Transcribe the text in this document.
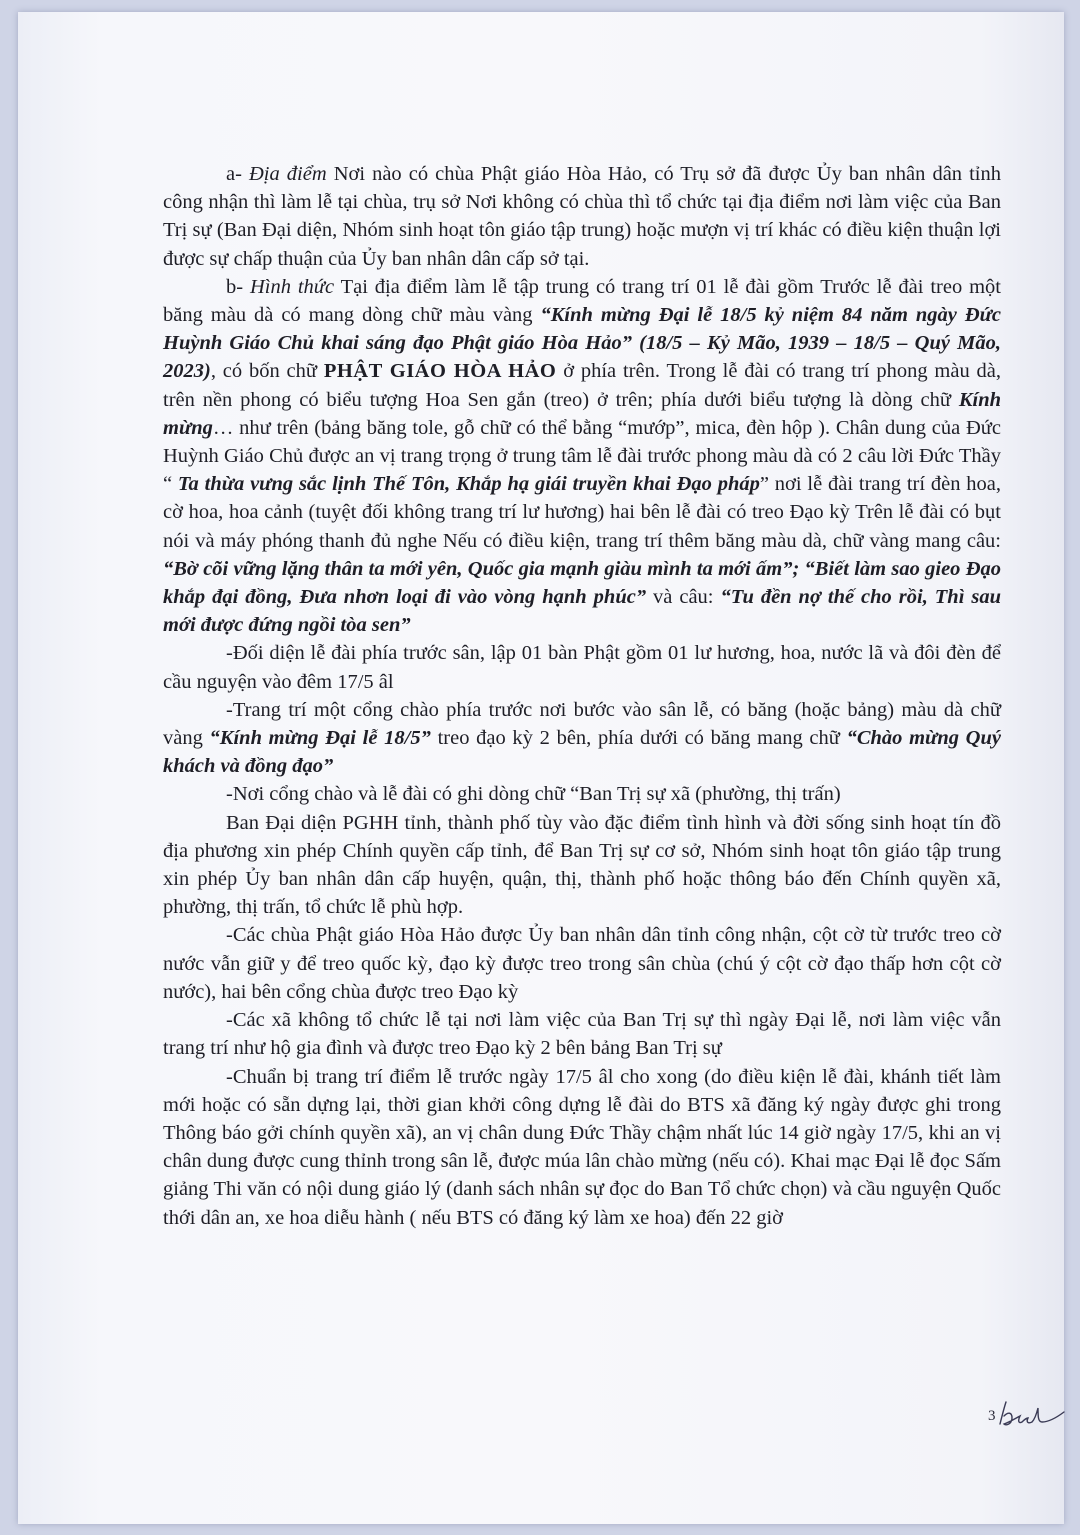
a- Địa điểm Nơi nào có chùa Phật giáo Hòa Hảo, có Trụ sở đã được Ủy ban nhân dân tỉnh công nhận thì làm lễ tại chùa, trụ sở Nơi không có chùa thì tổ chức tại địa điểm nơi làm việc của Ban Trị sự (Ban Đại diện, Nhóm sinh hoạt tôn giáo tập trung) hoặc mượn vị trí khác có điều kiện thuận lợi được sự chấp thuận của Ủy ban nhân dân cấp sở tại.

b- Hình thức Tại địa điểm làm lễ tập trung có trang trí 01 lễ đài gồm Trước lễ đài treo một băng màu dà có mang dòng chữ màu vàng “Kính mừng Đại lễ 18/5 kỷ niệm 84 năm ngày Đức Huỳnh Giáo Chủ khai sáng đạo Phật giáo Hòa Hảo” (18/5 – Kỷ Mão, 1939 – 18/5 – Quý Mão, 2023), có bốn chữ PHẬT GIÁO HÒA HẢO ở phía trên. Trong lễ đài có trang trí phong màu dà, trên nền phong có biểu tượng Hoa Sen gắn (treo) ở trên; phía dưới biểu tượng là dòng chữ Kính mừng… như trên (bảng băng tole, gỗ chữ có thể bằng “mướp”, mica, đèn hộp ). Chân dung của Đức Huỳnh Giáo Chủ được an vị trang trọng ở trung tâm lễ đài trước phong màu dà có 2 câu lời Đức Thầy “ Ta thừa vưng sắc lịnh Thế Tôn, Khắp hạ giái truyền khai Đạo pháp” nơi lễ đài trang trí đèn hoa, cờ hoa, hoa cảnh (tuyệt đối không trang trí lư hương) hai bên lễ đài có treo Đạo kỳ Trên lễ đài có bụt nói và máy phóng thanh đủ nghe Nếu có điều kiện, trang trí thêm băng màu dà, chữ vàng mang câu: “Bờ cõi vững lặng thân ta mới yên, Quốc gia mạnh giàu mình ta mới ấm”; “Biết làm sao gieo Đạo khắp đại đồng, Đưa nhơn loại đi vào vòng hạnh phúc” và câu: “Tu đền nợ thế cho rồi, Thì sau mới được đứng ngồi tòa sen”

-Đối diện lễ đài phía trước sân, lập 01 bàn Phật gồm 01 lư hương, hoa, nước lã và đôi đèn để cầu nguyện vào đêm 17/5 âl

-Trang trí một cổng chào phía trước nơi bước vào sân lễ, có băng (hoặc bảng) màu dà chữ vàng “Kính mừng Đại lễ 18/5” treo đạo kỳ 2 bên, phía dưới có băng mang chữ “Chào mừng Quý khách và đồng đạo”

-Nơi cổng chào và lễ đài có ghi dòng chữ “Ban Trị sự xã (phường, thị trấn)

Ban Đại diện PGHH tỉnh, thành phố tùy vào đặc điểm tình hình và đời sống sinh hoạt tín đồ địa phương xin phép Chính quyền cấp tỉnh, để Ban Trị sự cơ sở, Nhóm sinh hoạt tôn giáo tập trung xin phép Ủy ban nhân dân cấp huyện, quận, thị, thành phố hoặc thông báo đến Chính quyền xã, phường, thị trấn, tổ chức lễ phù hợp.

-Các chùa Phật giáo Hòa Hảo được Ủy ban nhân dân tỉnh công nhận, cột cờ từ trước treo cờ nước vẫn giữ y để treo quốc kỳ, đạo kỳ được treo trong sân chùa (chú ý cột cờ đạo thấp hơn cột cờ nước), hai bên cổng chùa được treo Đạo kỳ

-Các xã không tổ chức lễ tại nơi làm việc của Ban Trị sự thì ngày Đại lễ, nơi làm việc vẫn trang trí như hộ gia đình và được treo Đạo kỳ 2 bên bảng Ban Trị sự

-Chuẩn bị trang trí điểm lễ trước ngày 17/5 âl cho xong (do điều kiện lễ đài, khánh tiết làm mới hoặc có sẵn dựng lại, thời gian khởi công dựng lễ đài do BTS xã đăng ký ngày được ghi trong Thông báo gởi chính quyền xã), an vị chân dung Đức Thầy chậm nhất lúc 14 giờ ngày 17/5, khi an vị chân dung được cung thỉnh trong sân lễ, được múa lân chào mừng (nếu có). Khai mạc Đại lễ đọc Sấm giảng Thi văn có nội dung giáo lý (danh sách nhân sự đọc do Ban Tổ chức chọn) và cầu nguyện Quốc thới dân an, xe hoa diễu hành ( nếu BTS có đăng ký làm xe hoa) đến 22 giờ

3
